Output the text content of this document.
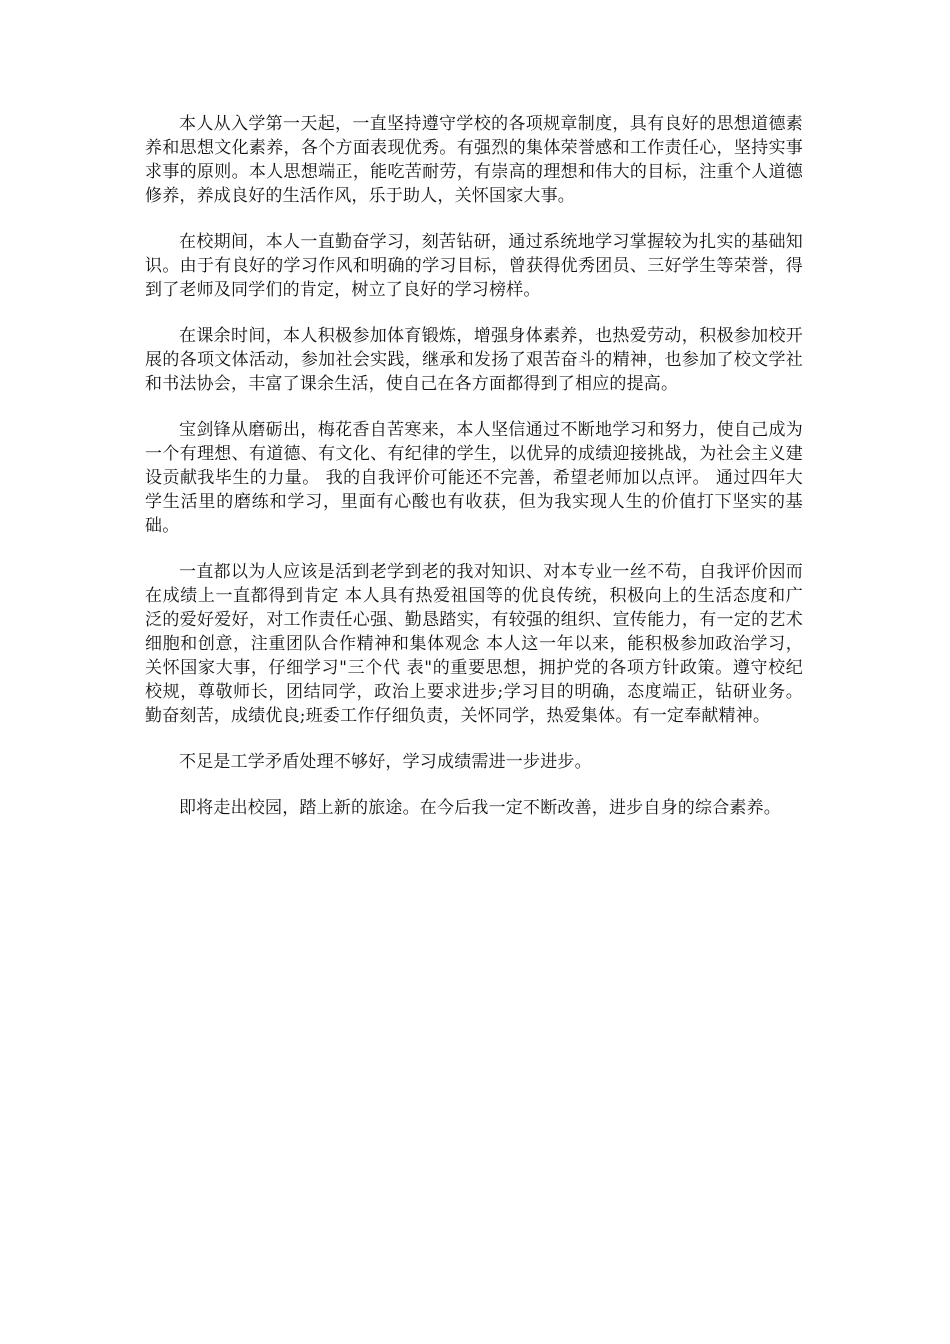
本人从入学第一天起，一直坚持遵守学校的各项规章制度，具有良好的思想道德素养和思想文化素养，各个方面表现优秀。有强烈的集体荣誉感和工作责任心，坚持实事求事的原则。本人思想端正，能吃苦耐劳，有崇高的理想和伟大的目标，注重个人道德修养，养成良好的生活作风，乐于助人，关怀国家大事。

在校期间，本人一直勤奋学习，刻苦钻研，通过系统地学习掌握较为扎实的基础知识。由于有良好的学习作风和明确的学习目标，曾获得优秀团员、三好学生等荣誉，得到了老师及同学们的肯定，树立了良好的学习榜样。

在课余时间，本人积极参加体育锻炼，增强身体素养，也热爱劳动，积极参加校开展的各项文体活动，参加社会实践，继承和发扬了艰苦奋斗的精神，也参加了校文学社和书法协会，丰富了课余生活，使自己在各方面都得到了相应的提高。

宝剑锋从磨砺出，梅花香自苦寒来，本人坚信通过不断地学习和努力，使自己成为一个有理想、有道德、有文化、有纪律的学生，以优异的成绩迎接挑战，为社会主义建设贡献我毕生的力量。 我的自我评价可能还不完善，希望老师加以点评。 通过四年大学生活里的磨练和学习，里面有心酸也有收获，但为我实现人生的价值打下坚实的基础。

一直都以为人应该是活到老学到老的我对知识、对本专业一丝不苟，自我评价因而在成绩上一直都得到肯定 本人具有热爱祖国等的优良传统，积极向上的生活态度和广泛的爱好爱好，对工作责任心强、勤恳踏实，有较强的组织、宣传能力，有一定的艺术细胞和创意，注重团队合作精神和集体观念 本人这一年以来，能积极参加政治学习，关怀国家大事，仔细学习"三个代 表"的重要思想，拥护党的各项方针政策。遵守校纪校规，尊敬师长，团结同学，政治上要求进步;学习目的明确，态度端正，钻研业务。勤奋刻苦，成绩优良;班委工作仔细负责，关怀同学，热爱集体。有一定奉献精神。

不足是工学矛盾处理不够好，学习成绩需进一步进步。

即将走出校园，踏上新的旅途。在今后我一定不断改善，进步自身的综合素养。
